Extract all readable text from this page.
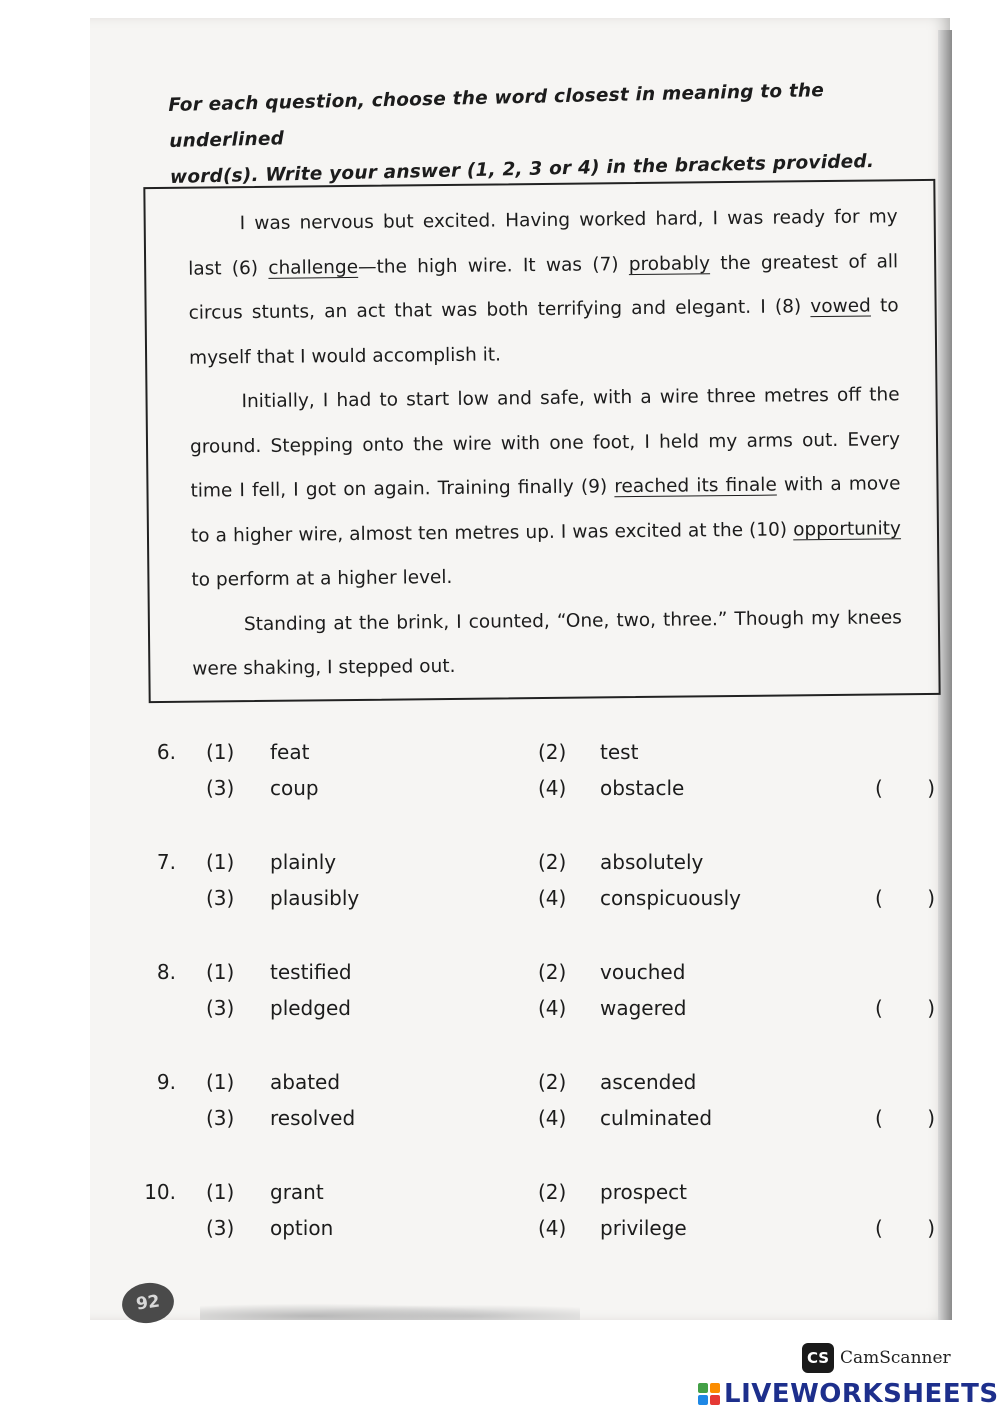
For each question, choose the word closest in meaning to the underlined
word(s). Write your answer (1, 2, 3 or 4) in the brackets provided.

I was nervous but excited. Having worked hard, I was ready for my last (6) challenge—the high wire. It was (7) probably the greatest of all circus stunts, an act that was both terrifying and elegant. I (8) vowed to myself that I would accomplish it.

Initially, I had to start low and safe, with a wire three metres off the ground. Stepping onto the wire with one foot, I held my arms out. Every time I fell, I got on again. Training finally (9) reached its finale with a move to a higher wire, almost ten metres up. I was excited at the (10) opportunity to perform at a higher level.

Standing at the brink, I counted, “One, two, three.” Though my knees were shaking, I stepped out.

6. (1) feat	(2) test
(3) coup	(4) obstacle	( )
7. (1) plainly	(2) absolutely
(3) plausibly	(4) conspicuously	( )
8. (1) testified	(2) vouched
(3) pledged	(4) wagered	( )
9. (1) abated	(2) ascended
(3) resolved	(4) culminated	( )
10. (1) grant	(2) prospect
(3) option	(4) privilege	( )
92
CS CamScanner
LIVEWORKSHEETS
